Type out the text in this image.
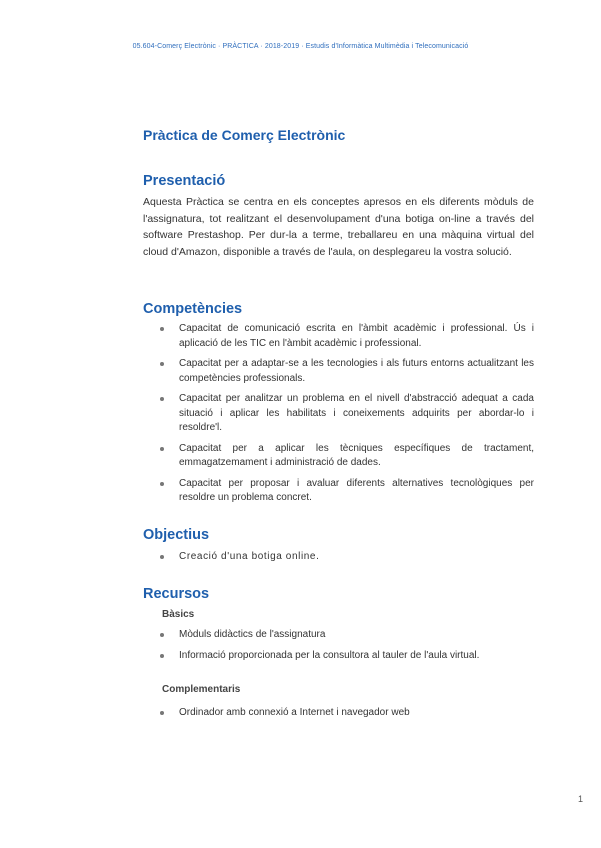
05.604-Comerç Electrònic · PRÀCTICA · 2018-2019 · Estudis d'Informàtica Multimèdia i Telecomunicació
Pràctica de Comerç Electrònic
Presentació
Aquesta Pràctica se centra en els conceptes apresos en els diferents mòduls de l'assignatura, tot realitzant el desenvolupament d'una botiga on-line a través del software Prestashop. Per dur-la a terme, treballareu en una màquina virtual del cloud d'Amazon, disponible a través de l'aula, on desplegareu la vostra solució.
Competències
Capacitat de comunicació escrita en l'àmbit acadèmic i professional. Ús i aplicació de les TIC en l'àmbit acadèmic i professional.
Capacitat per a adaptar-se a les tecnologies i als futurs entorns actualitzant les competències professionals.
Capacitat per analitzar un problema en el nivell d'abstracció adequat a cada situació i aplicar les habilitats i coneixements adquirits per abordar-lo i resoldre'l.
Capacitat per a aplicar les tècniques específiques de tractament, emmagatzemament i administració de dades.
Capacitat per proposar i avaluar diferents alternatives tecnològiques per resoldre un problema concret.
Objectius
Creació d'una botiga online.
Recursos
Bàsics
Mòduls didàctics de l'assignatura
Informació proporcionada per la consultora al tauler de l'aula virtual.
Complementaris
Ordinador amb connexió a Internet i navegador web
1
